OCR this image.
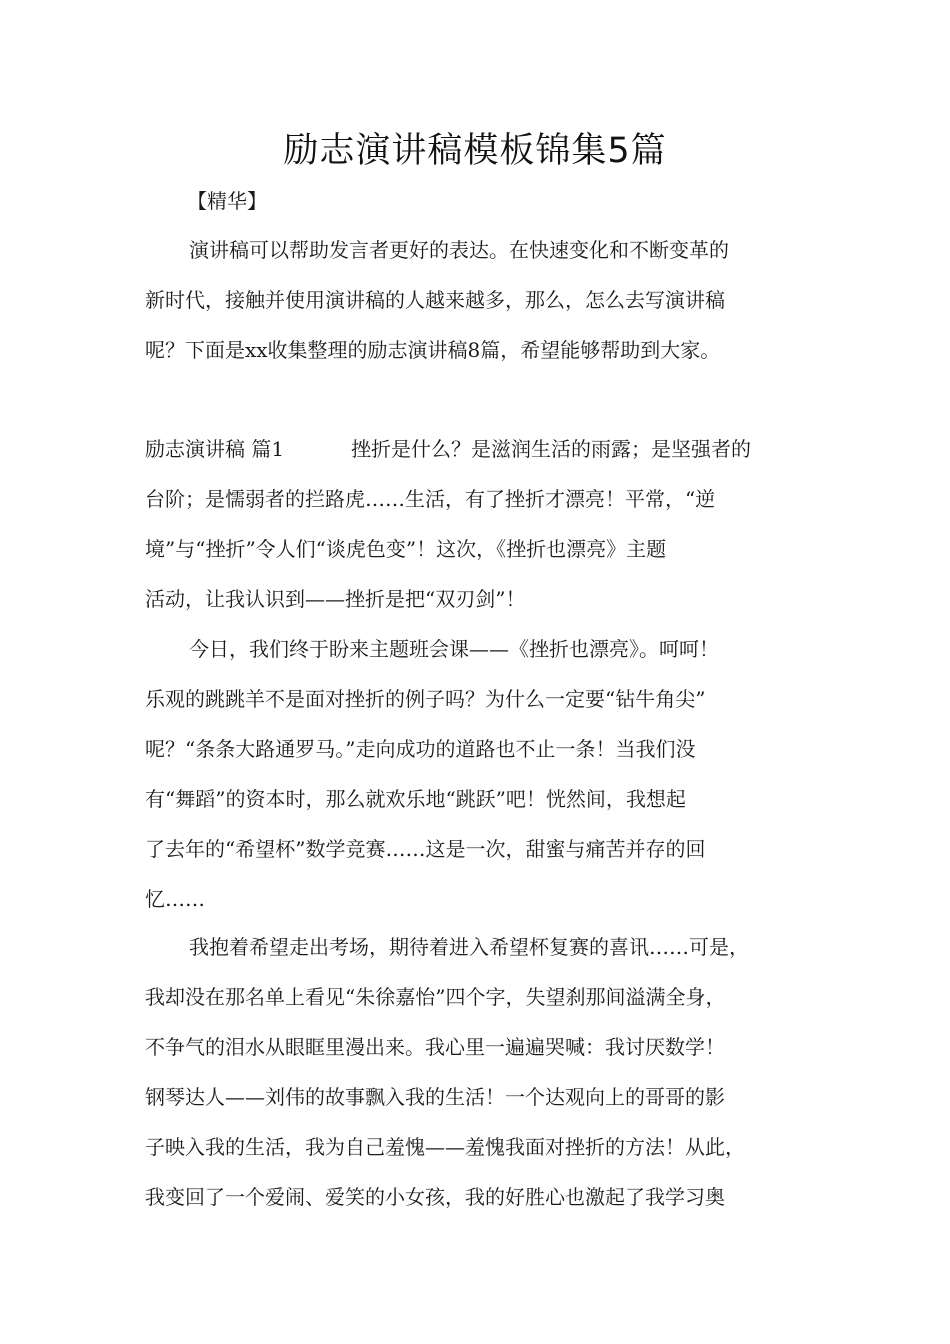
励志演讲稿模板锦集5篇
【精华】
演讲稿可以帮助发言者更好的表达。在快速变化和不断变革的
新时代，接触并使用演讲稿的人越来越多，那么，怎么去写演讲稿
呢？下面是xx收集整理的励志演讲稿8篇，希望能够帮助到大家。
励志演讲稿 篇1	挫折是什么？是滋润生活的雨露；是坚强者的
台阶；是懦弱者的拦路虎……生活，有了挫折才漂亮！平常，“逆
境”与“挫折”令人们“谈虎色变”！这次，《挫折也漂亮》主题
活动，让我认识到——挫折是把“双刃剑”！
今日，我们终于盼来主题班会课——《挫折也漂亮》。呵呵！
乐观的跳跳羊不是面对挫折的例子吗？为什么一定要“钻牛角尖”
呢？“条条大路通罗马。”走向成功的道路也不止一条！当我们没
有“舞蹈”的资本时，那么就欢乐地“跳跃”吧！恍然间，我想起
了去年的“希望杯”数学竞赛……这是一次，甜蜜与痛苦并存的回
忆……
我抱着希望走出考场，期待着进入希望杯复赛的喜讯……可是，
我却没在那名单上看见“朱徐嘉怡”四个字，失望刹那间溢满全身，
不争气的泪水从眼眶里漫出来。我心里一遍遍哭喊：我讨厌数学！
钢琴达人——刘伟的故事飘入我的生活！一个达观向上的哥哥的影
子映入我的生活，我为自己羞愧——羞愧我面对挫折的方法！从此，
我变回了一个爱闹、爱笑的小女孩，我的好胜心也激起了我学习奥
